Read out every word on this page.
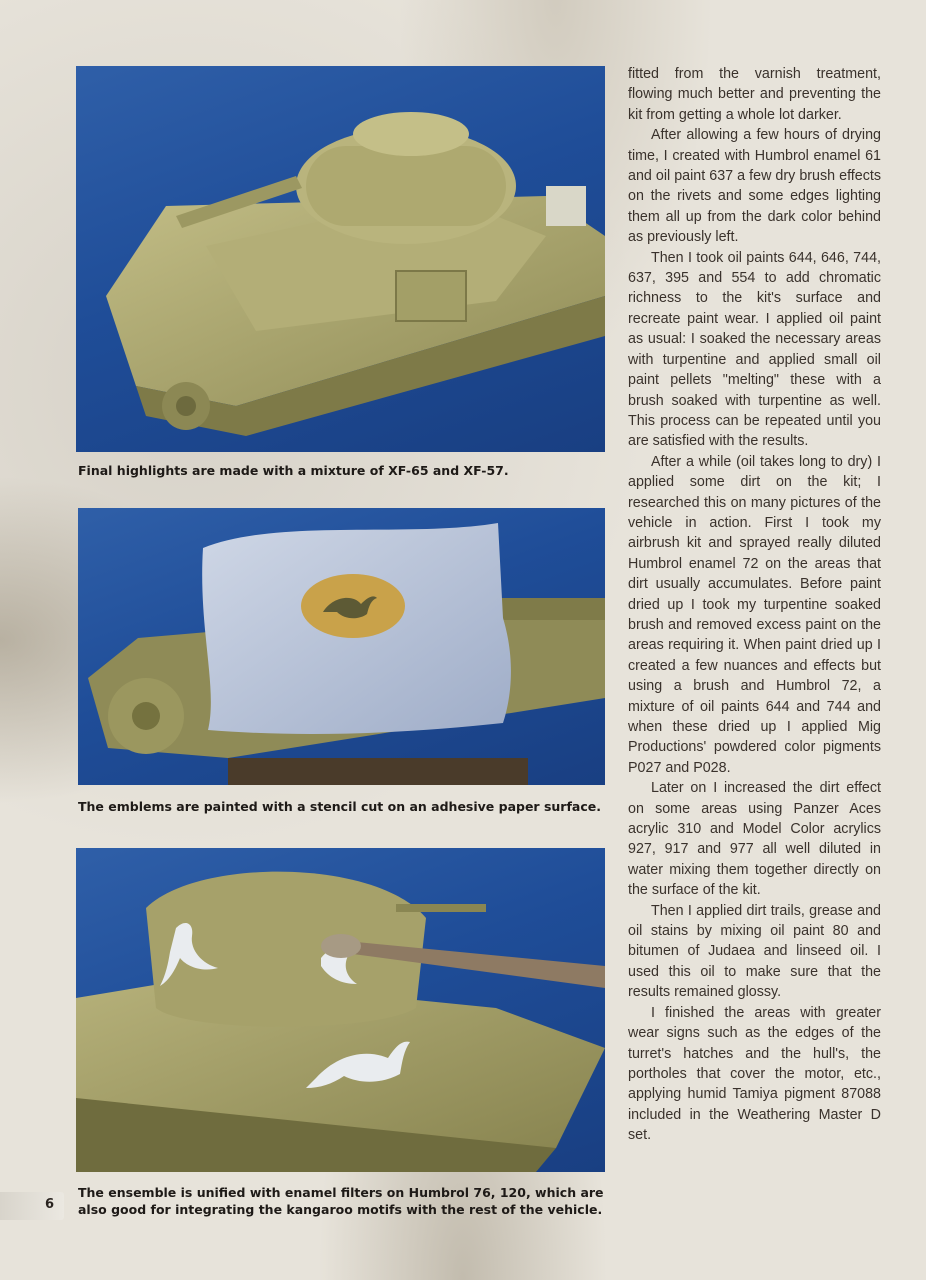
Final highlights are made with a mixture of XF-65 and XF-57.
The emblems are painted with a stencil cut on an adhesive paper surface.
The ensemble is unified with enamel filters on Humbrol 76, 120, which are also good for integrating the kangaroo motifs with the rest of the vehicle.
6

fitted from the varnish treatment, flowing much better and preventing the kit from getting a whole lot darker.

After allowing a few hours of drying time, I created with Humbrol enamel 61 and oil paint 637 a few dry brush effects on the rivets and some edges lighting them all up from the dark color behind as previously left.

Then I took oil paints 644, 646, 744, 637, 395 and 554 to add chromatic richness to the kit's surface and recreate paint wear. I applied oil paint as usual: I soaked the necessary areas with turpentine and applied small oil paint pellets "melting" these with a brush soaked with turpentine as well. This process can be repeated until you are satisfied with the results.

After a while (oil takes long to dry) I applied some dirt on the kit; I researched this on many pictures of the vehicle in action. First I took my airbrush kit and sprayed really diluted Humbrol enamel 72 on the areas that dirt usually accumulates. Before paint dried up I took my turpentine soaked brush and removed excess paint on the areas requiring it. When paint dried up I created a few nuances and effects but using a brush and Humbrol 72, a mixture of oil paints 644 and 744 and when these dried up I applied Mig Productions' powdered color pigments P027 and P028.

Later on I increased the dirt effect on some areas using Panzer Aces acrylic 310 and Model Color acrylics 927, 917 and 977 all well diluted in water mixing them together directly on the surface of the kit.

Then I applied dirt trails, grease and oil stains by mixing oil paint 80 and bitumen of Judaea and linseed oil. I used this oil to make sure that the results remained glossy.

I finished the areas with greater wear signs such as the edges of the turret's hatches and the hull's, the portholes that cover the motor, etc., applying humid Tamiya pigment 87088 included in the Weathering Master D set.
